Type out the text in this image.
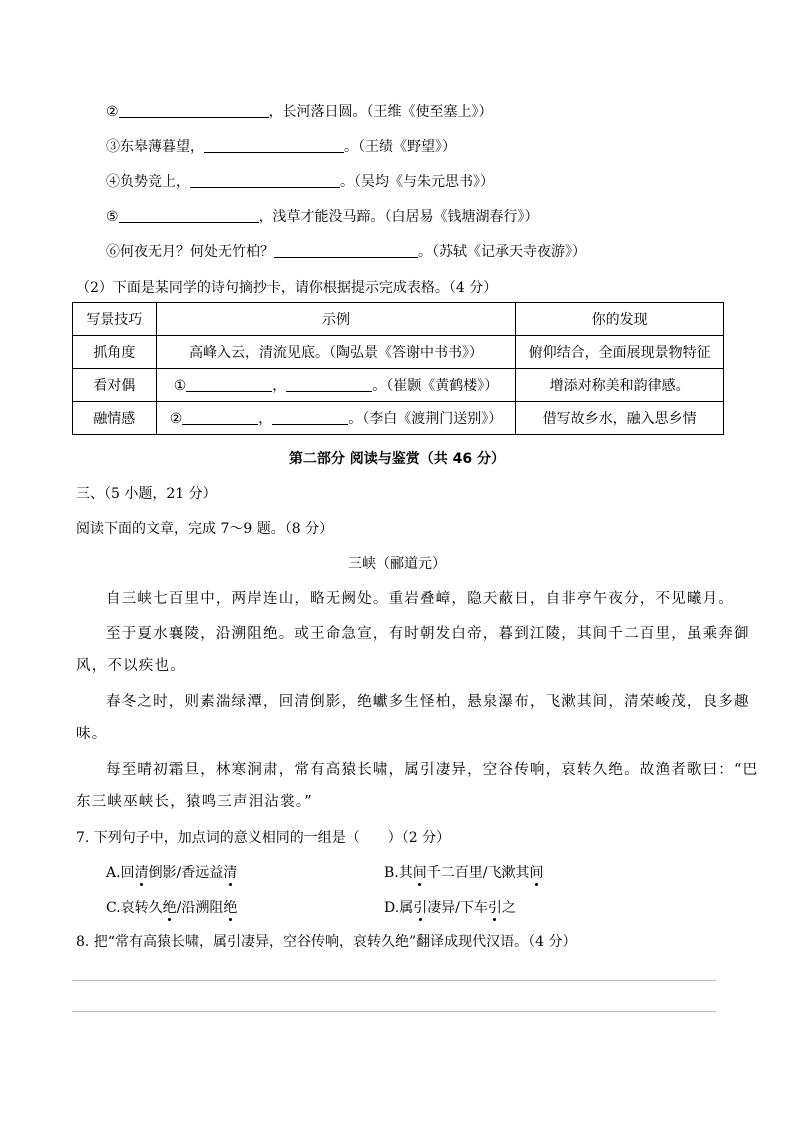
②	，长河落日圆。（王维《使至塞上》）
③东皋薄暮望，	。（王绩《野望》）
④负势竞上，	。（吴均《与朱元思书》）
⑤	，浅草才能没马蹄。（白居易《钱塘湖春行》）
⑥何夜无月？何处无竹柏？	。（苏轼《记承天寺夜游》）
（2）下面是某同学的诗句摘抄卡，请你根据提示完成表格。（4 分）
写景技巧	示例	你的发现
抓角度	高峰入云，清流见底。（陶弘景《答谢中书书》）	俯仰结合，全面展现景物特征
看对偶	① ， 。（崔颢《黄鹤楼》）	增添对称美和韵律感。
融情感	② ， 。（李白《渡荆门送别》）	借写故乡水，融入思乡情
第二部分 阅读与鉴赏（共 46 分）
三、（5 小题，21 分）
阅读下面的文章，完成 7～9 题。（8 分）
三峡（郦道元）
自三峡七百里中，两岸连山，略无阙处。重岩叠嶂，隐天蔽日，自非亭午夜分，不见曦月。
至于夏水襄陵，沿溯阻绝。或王命急宣，有时朝发白帝，暮到江陵，其间千二百里，虽乘奔御
风，不以疾也。
春冬之时，则素湍绿潭，回清倒影，绝巘多生怪柏，悬泉瀑布，飞漱其间，清荣峻茂，良多趣
味。
每至晴初霜旦，林寒涧肃，常有高猿长啸，属引凄异，空谷传响，哀转久绝。故渔者歌曰：“巴
东三峡巫峡长，猿鸣三声泪沾裳。”
7. 下列句子中，加点词的意义相同的一组是（　　）（2 分）
A.回清倒影/香远益清	B.其间千二百里/飞漱其间
C.哀转久绝/沿溯阻绝	D.属引凄异/下车引之
8. 把“常有高猿长啸，属引凄异，空谷传响，哀转久绝”翻译成现代汉语。（4 分）
